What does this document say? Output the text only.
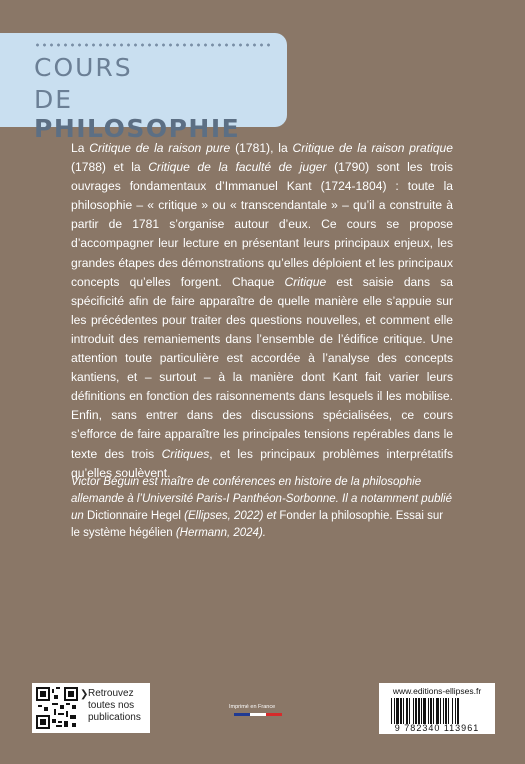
COURS
DE PHILOSOPHIE

La Critique de la raison pure (1781), la Critique de la raison pratique (1788) et la Critique de la faculté de juger (1790) sont les trois ouvrages fondamentaux d’Immanuel Kant (1724-1804) : toute la philosophie – « critique » ou « transcendantale » – qu’il a construite à partir de 1781 s’organise autour d’eux. Ce cours se propose d’accompagner leur lecture en présentant leurs principaux enjeux, les grandes étapes des démonstrations qu’elles déploient et les principaux concepts qu’elles forgent. Chaque Critique est saisie dans sa spécificité afin de faire apparaître de quelle manière elle s’appuie sur les précédentes pour traiter des questions nouvelles, et comment elle introduit des remaniements dans l’ensemble de l’édifice critique. Une attention toute particulière est accordée à l’analyse des concepts kantiens, et – surtout – à la manière dont Kant fait varier leurs définitions en fonction des raisonnements dans lesquels il les mobilise. Enfin, sans entrer dans des discussions spécialisées, ce cours s’efforce de faire apparaître les principales tensions repérables dans le texte des trois Critiques, et les principaux problèmes interprétatifs qu’elles soulèvent.

Victor Béguin est maître de conférences en histoire de la philosophie allemande à l’Université Paris-I Panthéon-Sorbonne. Il a notamment publié un Dictionnaire Hegel (Ellipses, 2022) et Fonder la philosophie. Essai sur le système hégélien (Hermann, 2024).

❯ Retrouvez
toutes nos
publications
Imprimé en France
www.editions-ellipses.fr
9 782340 113961
